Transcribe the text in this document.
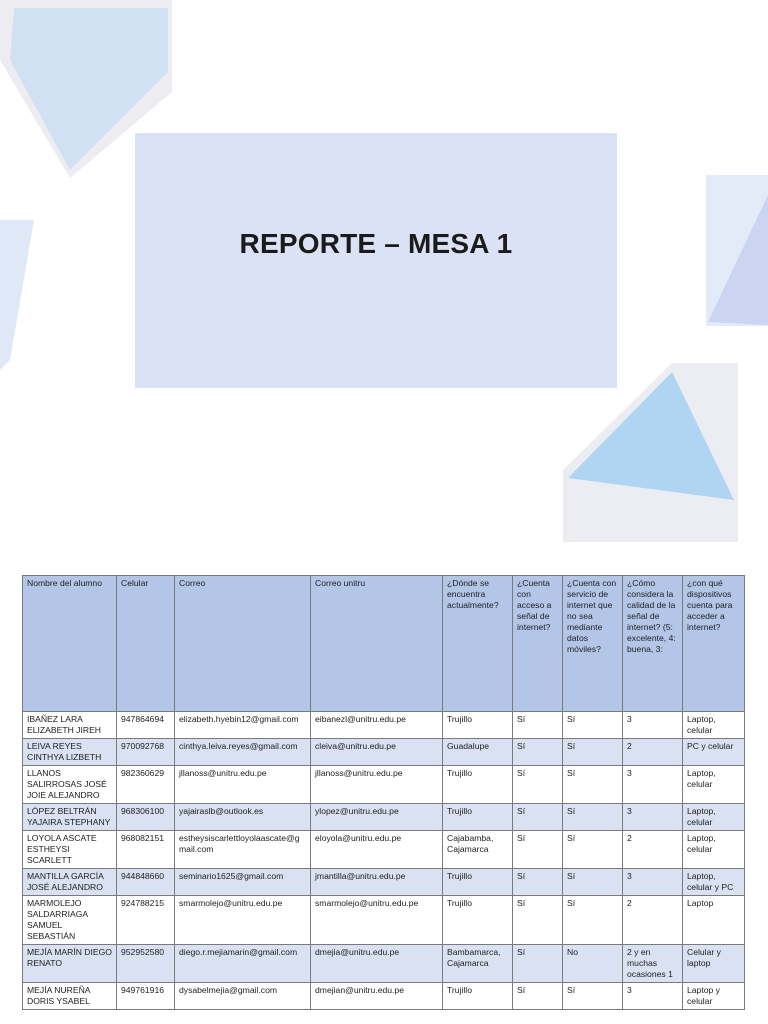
REPORTE – MESA 1
Nombre del alumno	Celular	Correo	Correo unitru	¿Dónde se encuentra actualmente?	¿Cuenta con acceso a señal de internet?	¿Cuenta con servicio de internet que no sea mediante datos móviles?	¿Cómo considera la calidad de la señal de internet? (5: excelente, 4: buena, 3:	¿con qué dispositivos cuenta para acceder a internet?
IBAÑEZ LARA ELIZABETH JIREH	947864694	elizabeth.hyebin12@gmail.com	eibanezl@unitru.edu.pe	Trujillo	Sí	Sí	3	Laptop, celular
LEIVA REYES CINTHYA LIZBETH	970092768	cinthya.leiva.reyes@gmail.com	cleiva@unitru.edu.pe	Guadalupe	Sí	Sí	2	PC y celular
LLANOS SALIRROSAS JOSÉ JOIE ALEJANDRO	982360629	jllanoss@unitru.edu.pe	jllanoss@unitru.edu.pe	Trujillo	Sí	Sí	3	Laptop, celular
LÓPEZ BELTRÁN YAJAIRA STEPHANY	968306100	yajairaslb@outlook.es	ylopez@unitru.edu.pe	Trujillo	Sí	Sí	3	Laptop, celular
LOYOLA ASCATE ESTHEYSI SCARLETT	968082151	estheysiscarlettloyolaascate@gmail.com	eloyola@unitru.edu.pe	Cajabamba, Cajamarca	Sí	Sí	2	Laptop, celular
MANTILLA GARCÍA JOSÉ ALEJANDRO	944848660	seminario1625@gmail.com	jmantilla@unitru.edu.pe	Trujillo	Sí	Sí	3	Laptop, celular y PC
MARMOLEJO SALDARRIAGA SAMUEL SEBASTIÁN	924788215	smarmolejo@unitru.edu.pe	smarmolejo@unitru.edu.pe	Trujillo	Sí	Sí	2	Laptop
MEJÍA MARÍN DIEGO RENATO	952952580	diego.r.mejiamarin@gmail.com	dmejia@unitru.edu.pe	Bambamarca, Cajamarca	Sí	No	2 y en muchas ocasiones 1	Celular y laptop
MEJÍA NUREÑA DORIS YSABEL	949761916	dysabelmejia@gmail.com	dmejian@unitru.edu.pe	Trujillo	Sí	Sí	3	Laptop y celular
